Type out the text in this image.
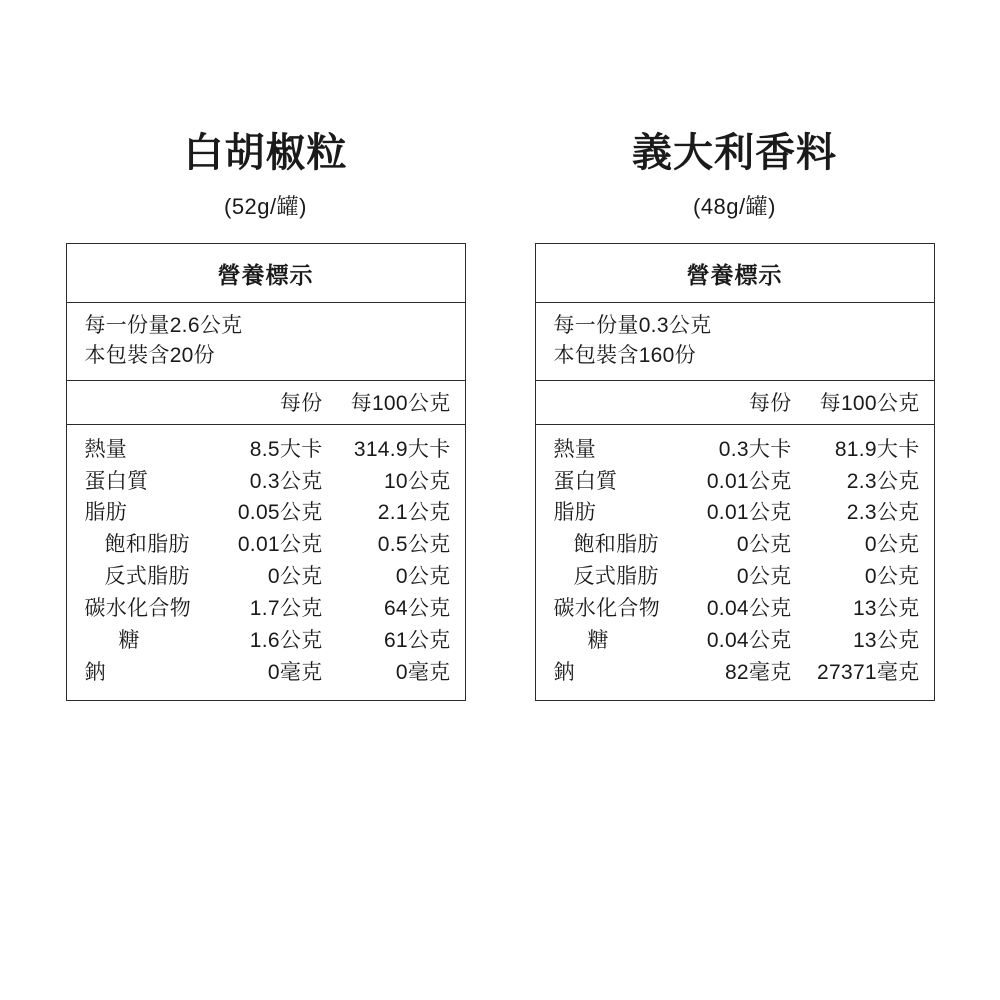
白胡椒粒
(52g/罐)
營養標示
每一份量2.6公克
本包裝含20份
每份	每100公克
熱量	8.5大卡	314.9大卡
蛋白質	0.3公克	10公克
脂肪	0.05公克	2.1公克
飽和脂肪	0.01公克	0.5公克
反式脂肪	0公克	0公克
碳水化合物	1.7公克	64公克
糖	1.6公克	61公克
鈉	0毫克	0毫克
義大利香料
(48g/罐)
營養標示
每一份量0.3公克
本包裝含160份
每份	每100公克
熱量	0.3大卡	81.9大卡
蛋白質	0.01公克	2.3公克
脂肪	0.01公克	2.3公克
飽和脂肪	0公克	0公克
反式脂肪	0公克	0公克
碳水化合物	0.04公克	13公克
糖	0.04公克	13公克
鈉	82毫克	27371毫克
